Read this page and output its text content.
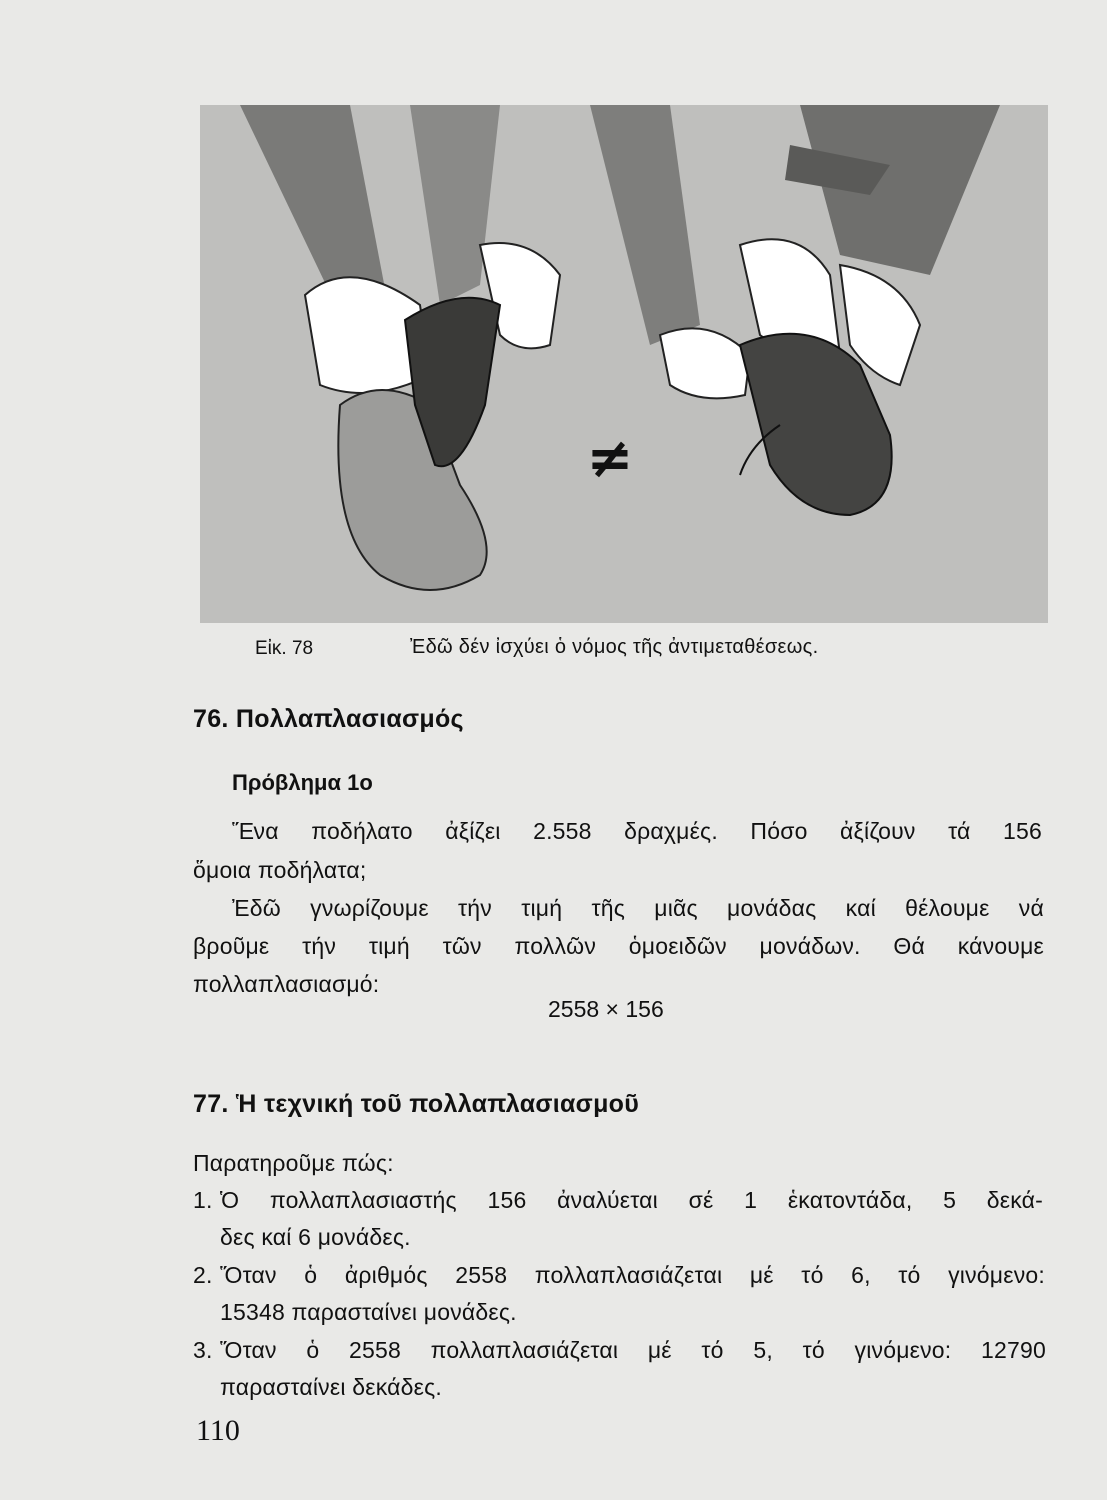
≠
Εἰκ. 78	Ἐδῶ δέν ἰσχύει ὁ νόμος τῆς ἀντιμεταθέσεως.
76. Πολλαπλασιασμός
Πρόβλημα 1ο
Ἕνα ποδήλατο ἀξίζει 2.558 δραχμές. Πόσο ἀξίζουν τά 156
ὅμοια ποδήλατα;
Ἐδῶ γνωρίζουμε τήν τιμή τῆς μιᾶς μονάδας καί θέλουμε νά
βροῦμε τήν τιμή τῶν πολλῶν ὁμοειδῶν μονάδων. Θά κάνουμε
πολλαπλασιασμό:
2558 × 156
77. Ἡ τεχνική τοῦ πολλαπλασιασμοῦ
Παρατηροῦμε πώς:
1. Ὁ πολλαπλασιαστής 156 ἀναλύεται σέ 1 ἑκατοντάδα, 5 δεκά-
δες καί 6 μονάδες.
2. Ὅταν ὁ ἀριθμός 2558 πολλαπλασιάζεται μέ τό 6, τό γινόμενο:
15348 παρασταίνει μονάδες.
3. Ὅταν ὁ 2558 πολλαπλασιάζεται μέ τό 5, τό γινόμενο: 12790
παρασταίνει δεκάδες.
110
